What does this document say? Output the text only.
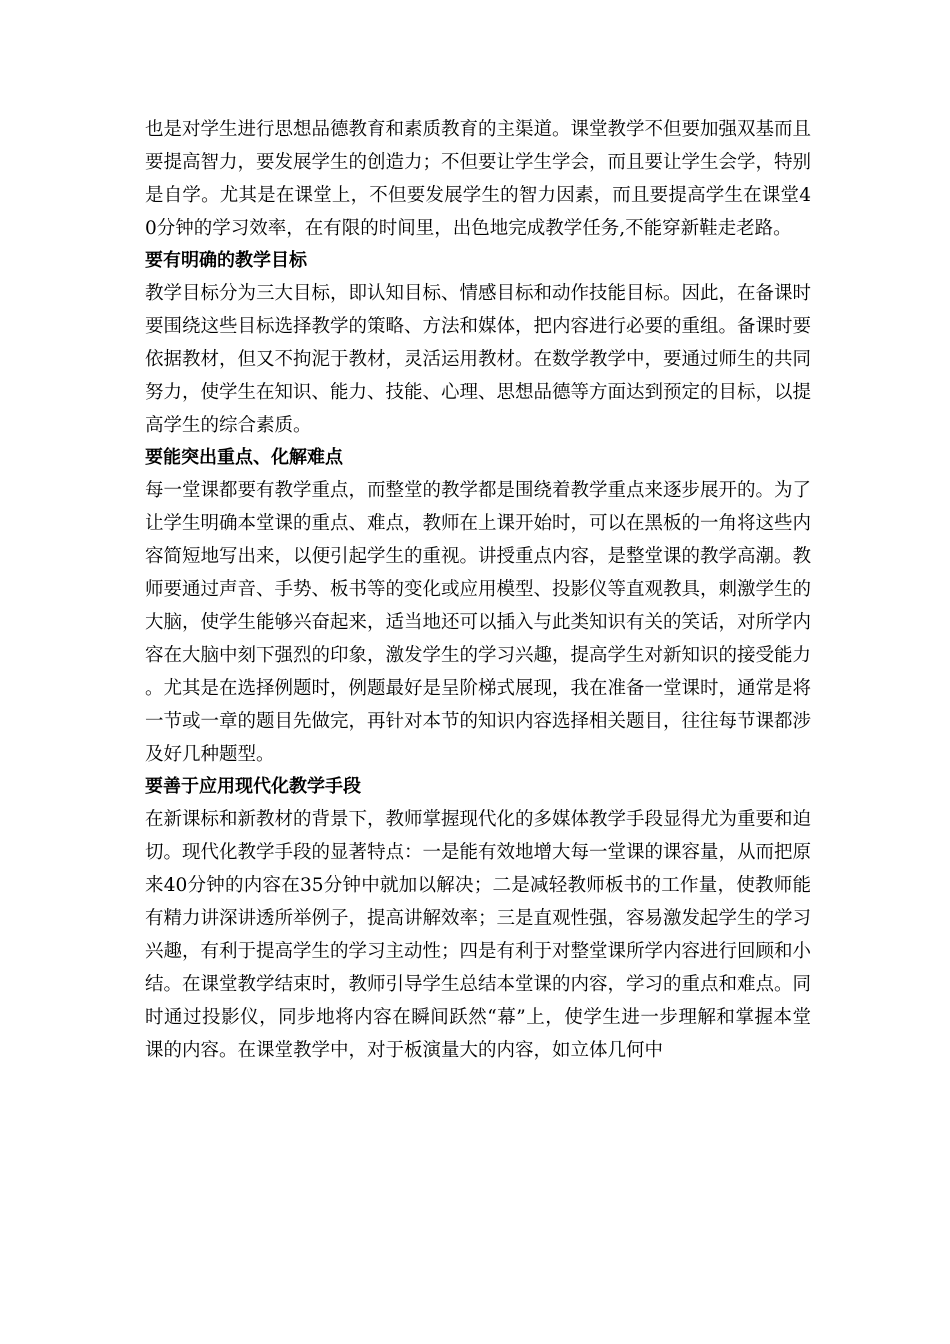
也是对学生进行思想品德教育和素质教育的主渠道。课堂教学不但要加强双基而且要提高智力，要发展学生的创造力；不但要让学生学会，而且要让学生会学，特别是自学。尤其是在课堂上，不但要发展学生的智力因素，而且要提高学生在课堂40分钟的学习效率，在有限的时间里，出色地完成教学任务,不能穿新鞋走老路。

要有明确的教学目标

教学目标分为三大目标，即认知目标、情感目标和动作技能目标。因此，在备课时要围绕这些目标选择教学的策略、方法和媒体，把内容进行必要的重组。备课时要依据教材，但又不拘泥于教材，灵活运用教材。在数学教学中，要通过师生的共同努力，使学生在知识、能力、技能、心理、思想品德等方面达到预定的目标，以提高学生的综合素质。

要能突出重点、化解难点

每一堂课都要有教学重点，而整堂的教学都是围绕着教学重点来逐步展开的。为了让学生明确本堂课的重点、难点，教师在上课开始时，可以在黑板的一角将这些内容简短地写出来，以便引起学生的重视。讲授重点内容，是整堂课的教学高潮。教师要通过声音、手势、板书等的变化或应用模型、投影仪等直观教具，刺激学生的大脑，使学生能够兴奋起来，适当地还可以插入与此类知识有关的笑话，对所学内容在大脑中刻下强烈的印象，激发学生的学习兴趣，提高学生对新知识的接受能力。尤其是在选择例题时，例题最好是呈阶梯式展现，我在准备一堂课时，通常是将一节或一章的题目先做完，再针对本节的知识内容选择相关题目，往往每节课都涉及好几种题型。

要善于应用现代化教学手段

在新课标和新教材的背景下，教师掌握现代化的多媒体教学手段显得尤为重要和迫切。现代化教学手段的显著特点：一是能有效地增大每一堂课的课容量，从而把原来40分钟的内容在35分钟中就加以解决；二是减轻教师板书的工作量，使教师能有精力讲深讲透所举例子，提高讲解效率；三是直观性强，容易激发起学生的学习兴趣，有利于提高学生的学习主动性；四是有利于对整堂课所学内容进行回顾和小结。在课堂教学结束时，教师引导学生总结本堂课的内容，学习的重点和难点。同时通过投影仪，同步地将内容在瞬间跃然“幕”上，使学生进一步理解和掌握本堂课的内容。在课堂教学中，对于板演量大的内容，如立体几何中
